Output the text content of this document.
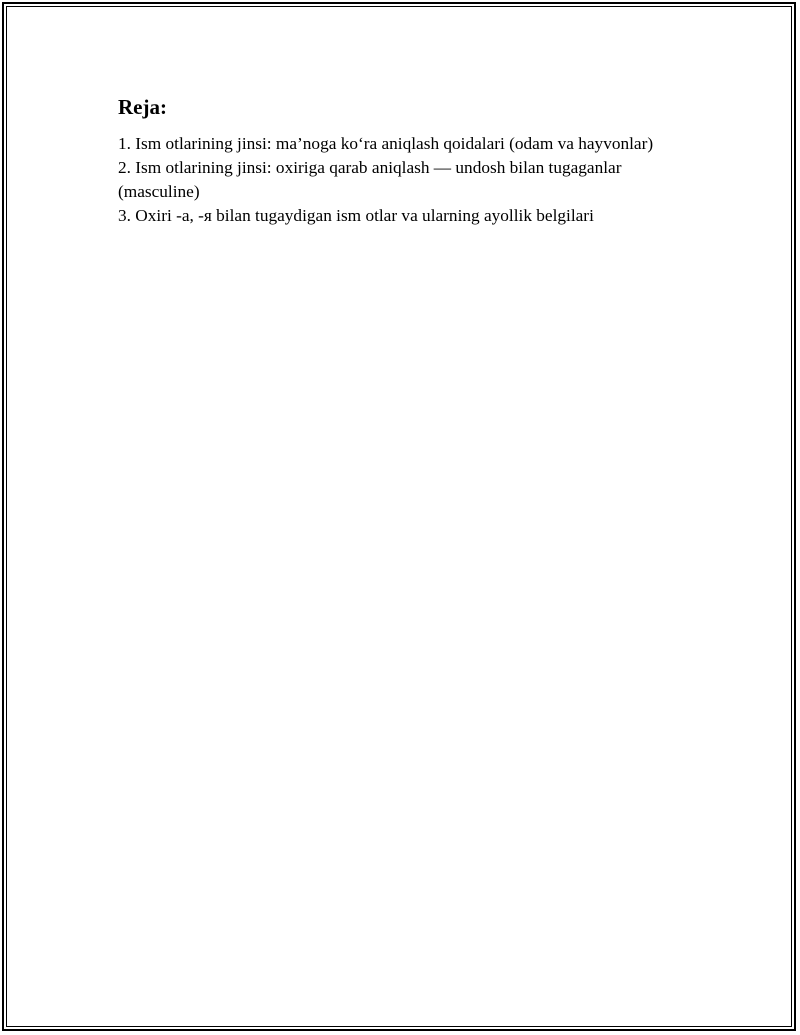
Reja:

1. Ism otlarining jinsi: ma’noga ko‘ra aniqlash qoidalari (odam va hayvonlar)

2. Ism otlarining jinsi: oxiriga qarab aniqlash — undosh bilan tugaganlar (masculine)

3. Oxiri -а, -я bilan tugaydigan ism otlar va ularning ayollik belgilari
